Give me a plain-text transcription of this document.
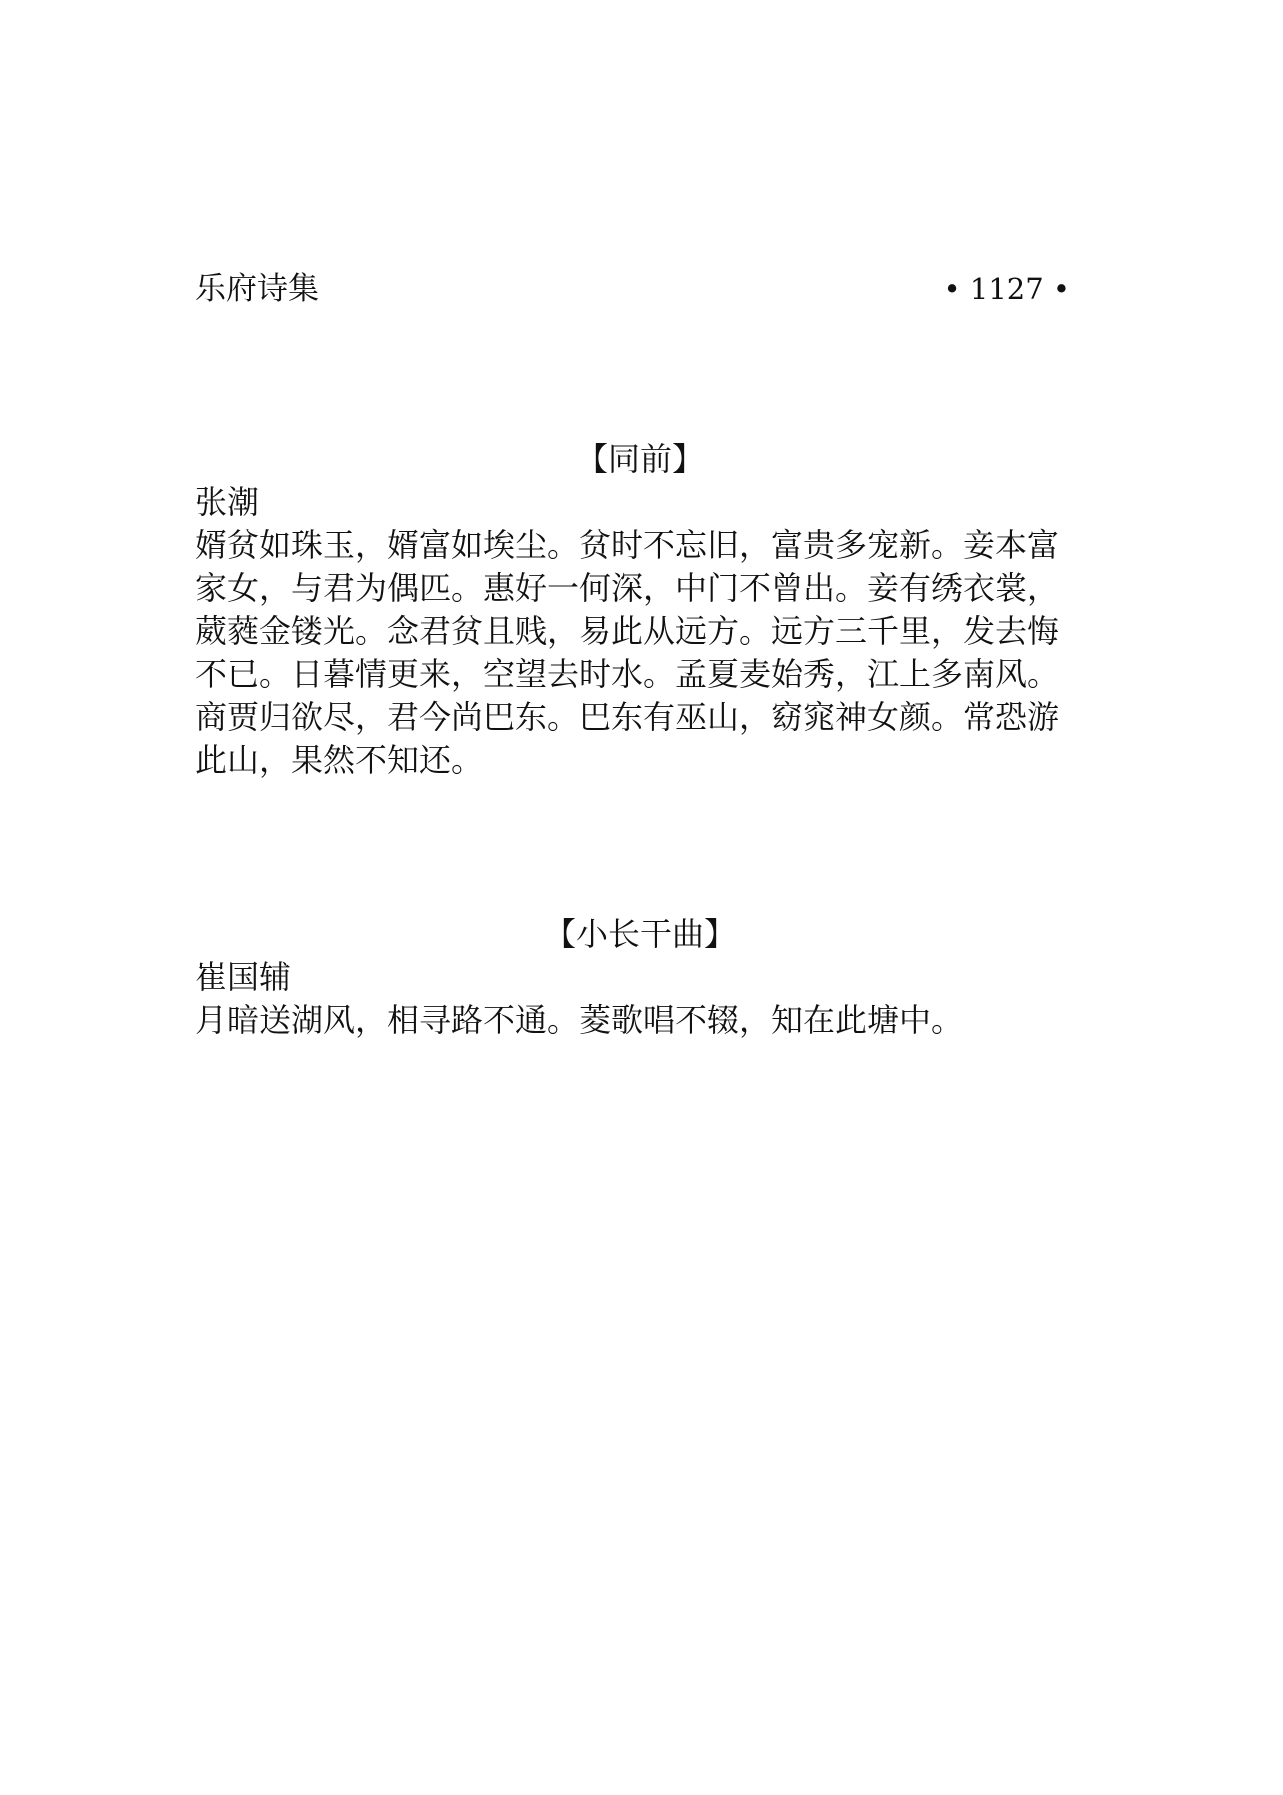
乐府诗集	• 1127 •
【同前】
张潮
婿贫如珠玉，婿富如埃尘。贫时不忘旧，富贵多宠新。妾本富
家女，与君为偶匹。惠好一何深，中门不曾出。妾有绣衣裳，
葳蕤金镂光。念君贫且贱，易此从远方。远方三千里，发去悔
不已。日暮情更来，空望去时水。孟夏麦始秀，江上多南风。
商贾归欲尽，君今尚巴东。巴东有巫山，窈窕神女颜。常恐游
此山，果然不知还。
【小长干曲】
崔国辅
月暗送湖风，相寻路不通。菱歌唱不辍，知在此塘中。
